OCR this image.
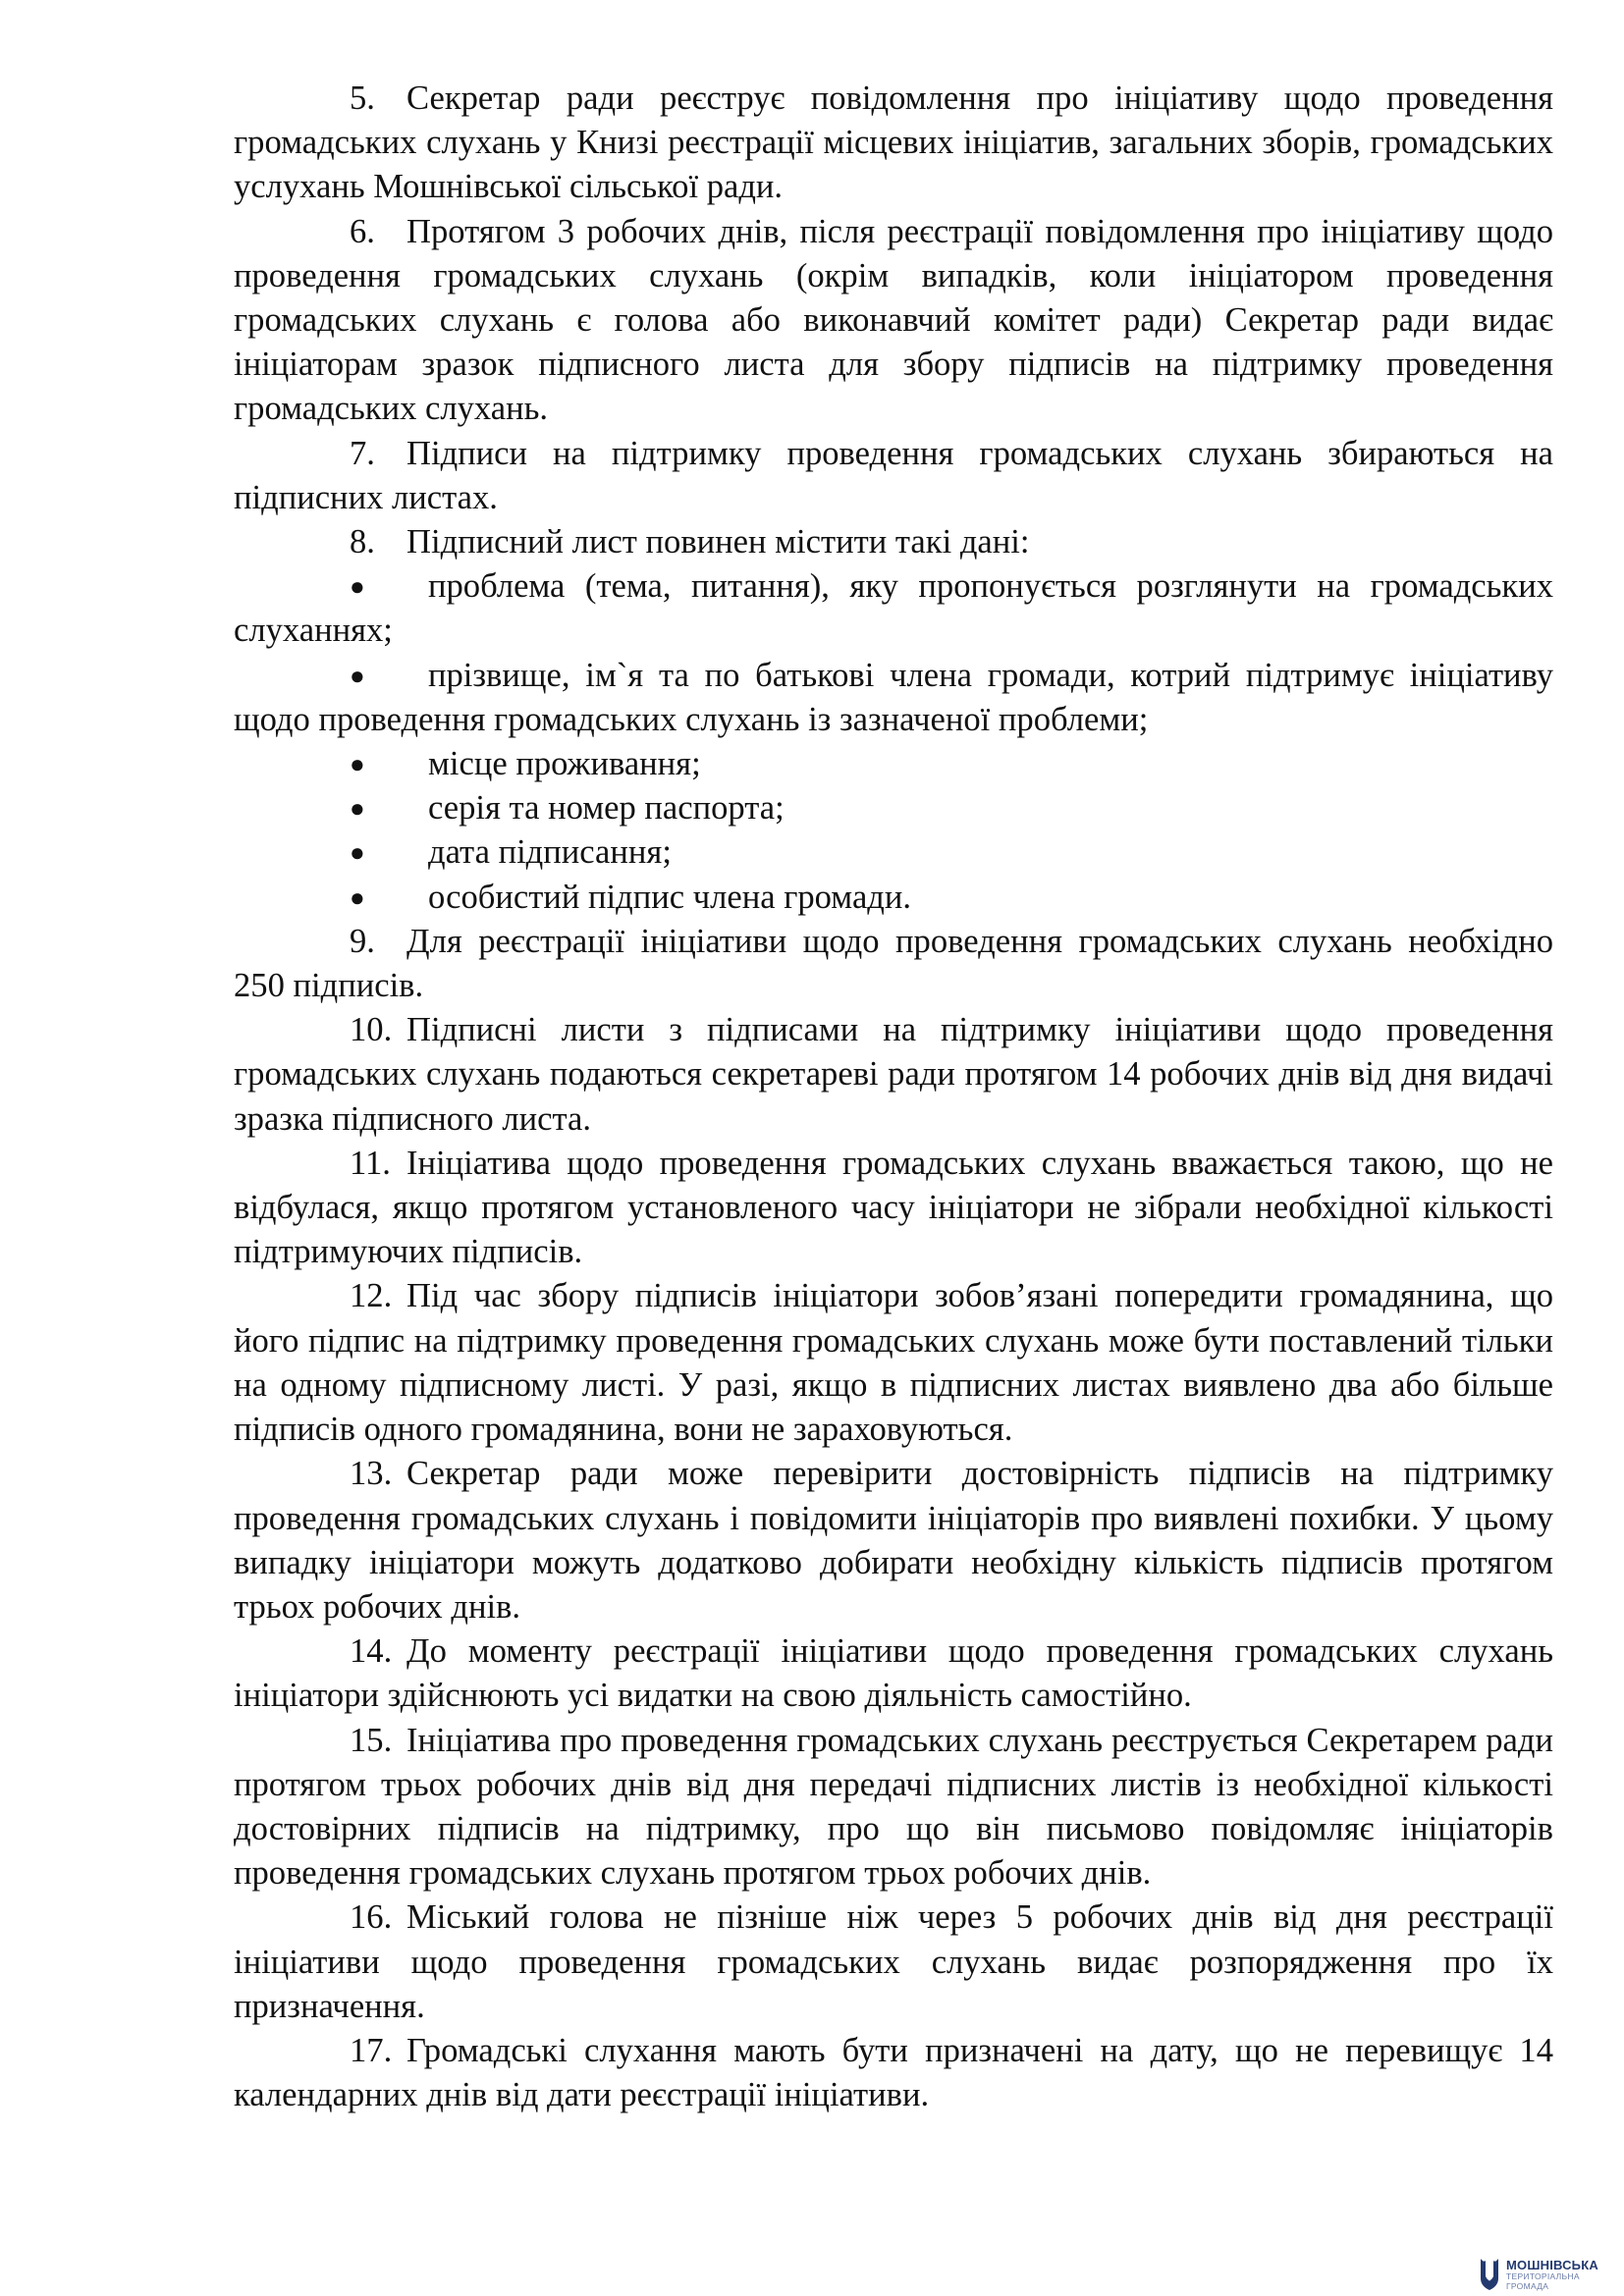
5. Секретар ради реєструє повідомлення про ініціативу щодо проведення громадських слухань у Книзі реєстрації місцевих ініціатив, загальних зборів, громадських услухань Мошнівської сільської ради.

6. Протягом 3 робочих днів, після реєстрації повідомлення про ініціативу щодо проведення громадських слухань (окрім випадків, коли ініціатором проведення громадських слухань є голова або виконавчий комітет ради) Секретар ради видає ініціаторам зразок підписного листа для збору підписів на підтримку проведення громадських слухань.

7. Підписи на підтримку проведення громадських слухань збираються на підписних листах.

8. Підписний лист повинен містити такі дані:

● проблема (тема, питання), яку пропонується розглянути на громадських слуханнях;

● прізвище, ім`я та по батькові члена громади, котрий підтримує ініціативу щодо проведення громадських слухань із зазначеної проблеми;

● місце проживання;

● серія та номер паспорта;

● дата підписання;

● особистий підпис члена громади.

9. Для реєстрації ініціативи щодо проведення громадських слухань необхідно 250 підписів.

10. Підписні листи з підписами на підтримку ініціативи щодо проведення громадських слухань подаються секретареві ради протягом 14 робочих днів від дня видачі зразка підписного листа.

11. Ініціатива щодо проведення громадських слухань вважається такою, що не відбулася, якщо протягом установленого часу ініціатори не зібрали необхідної кількості підтримуючих підписів.

12. Під час збору підписів ініціатори зобов’язані попередити громадянина, що його підпис на підтримку проведення громадських слухань може бути поставлений тільки на одному підписному листі. У разі, якщо в підписних листах виявлено два або більше підписів одного громадянина, вони не зараховуються.

13. Секретар ради може перевірити достовірність підписів на підтримку проведення громадських слухань і повідомити ініціаторів про виявлені похибки. У цьому випадку ініціатори можуть додатково добирати необхідну кількість підписів протягом трьох робочих днів.

14. До моменту реєстрації ініціативи щодо проведення громадських слухань ініціатори здійснюють усі видатки на свою діяльність самостійно.

15. Ініціатива про проведення громадських слухань реєструється Секретарем ради протягом трьох робочих днів від дня передачі підписних листів із необхідної кількості достовірних підписів на підтримку, про що він письмово повідомляє ініціаторів проведення громадських слухань протягом трьох робочих днів.

16. Міський голова не пізніше ніж через 5 робочих днів від дня реєстрації ініціативи щодо проведення громадських слухань видає розпорядження про їх призначення.

17. Громадські слухання мають бути призначені на дату, що не перевищує 14 календарних днів від дати реєстрації ініціативи.

МОШНІВСЬКА
ТЕРИТОРІАЛЬНА
ГРОМАДА
